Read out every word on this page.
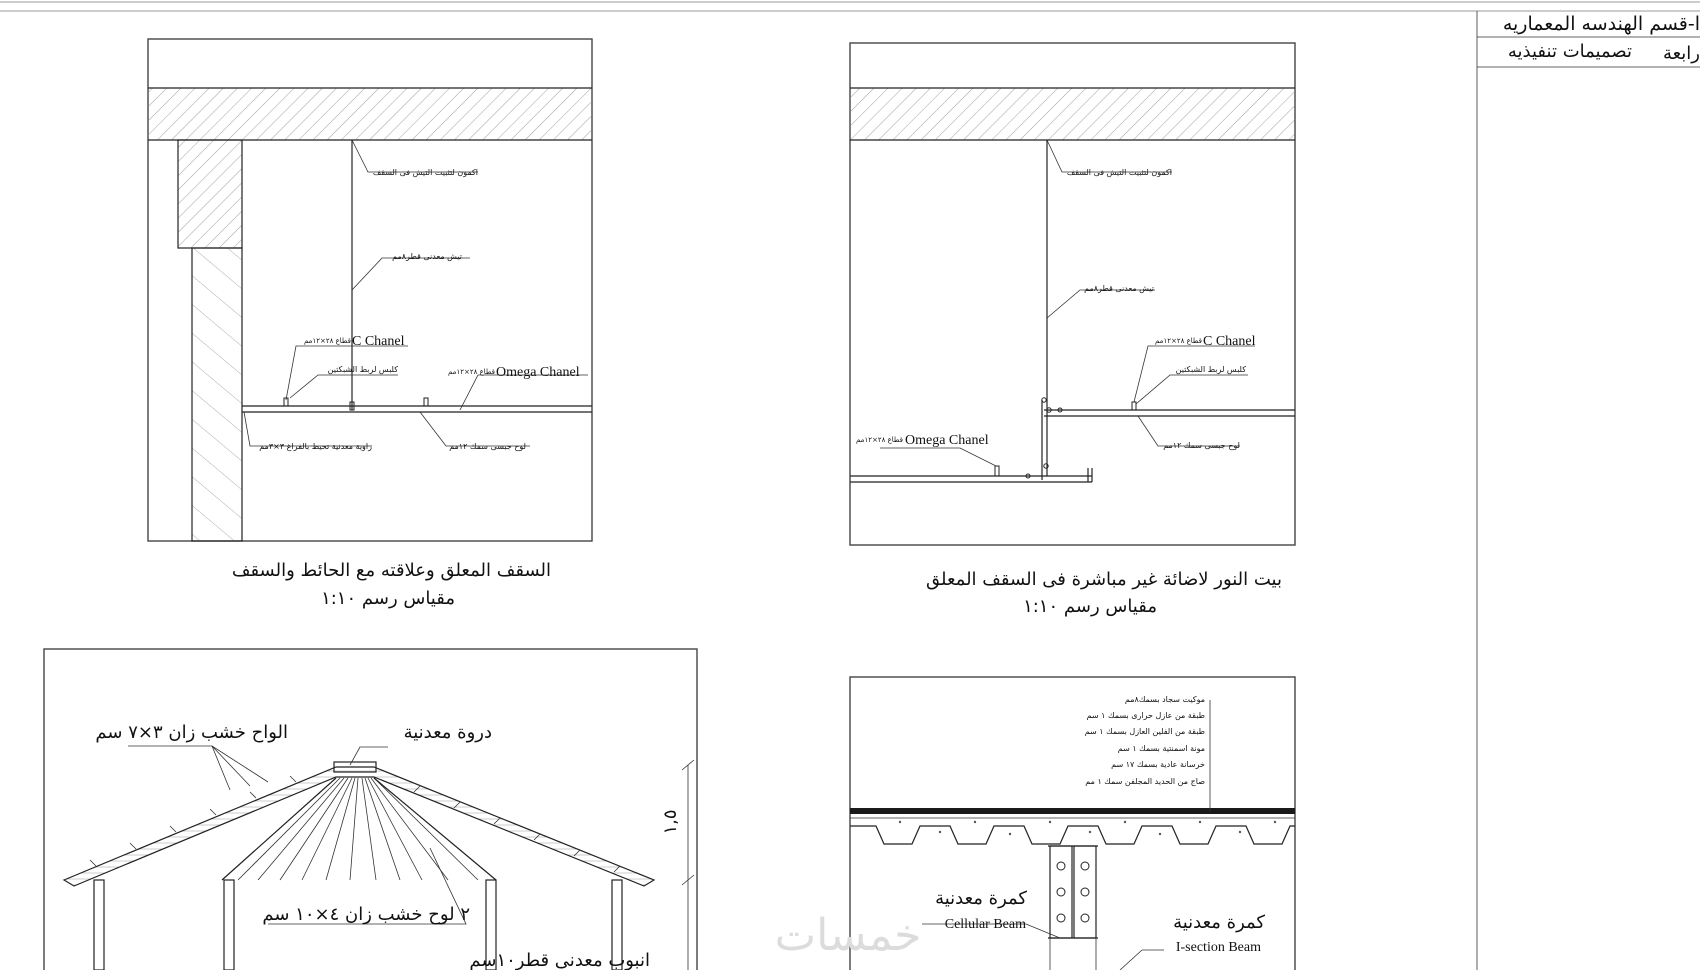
ا-قسم الهندسه المعماريه
تصميمات تنفيذيه رابعة
اكمون لتثبيت التيش فى السقف
تيش معدنى قطر٨مم
C Chanel
قطاع ٢٨×١٢مم
كلبس لربط الشبكتين	Omega Chanel
قطاع ٢٨×١٢مم
زاوية معدنية تحيط بالفراغ ٣×٣مم	لوح جبسى سمك ١٢مم
السقف المعلق وعلاقته مع الحائط والسقف
مقياس رسم ١:١٠
اكمون لتثبيت التيش فى السقف
تيش معدنى قطر٨مم
C Chanel
قطاع ٢٨×١٢مم
كلبس لربط الشبكتين
Omega Chanel
قطاع ٢٨×١٢مم
لوح جبسى سمك ١٢مم
بيت النور لاضائة غير مباشرة فى السقف المعلق
مقياس رسم ١:١٠
الواح خشب زان ٣×٧ سم	دروة معدنية
٢ لوح خشب زان ٤×١٠ سم
انبوب معدنى قطر١٠سم
١,٥
موكيت سجاد بسمك٨مم
طبقة من عازل حرارى بسمك ١ سم
طبقة من الفلين العازل بسمك ١ سم
مونة اسمنتية بسمك ١ سم
خرسانة عادية بسمك ١٧ سم
صاج من الحديد المجلفن سمك ١ مم
كمرة معدنية
Cellular Beam	كمرة معدنية
I-section Beam
خمسات
